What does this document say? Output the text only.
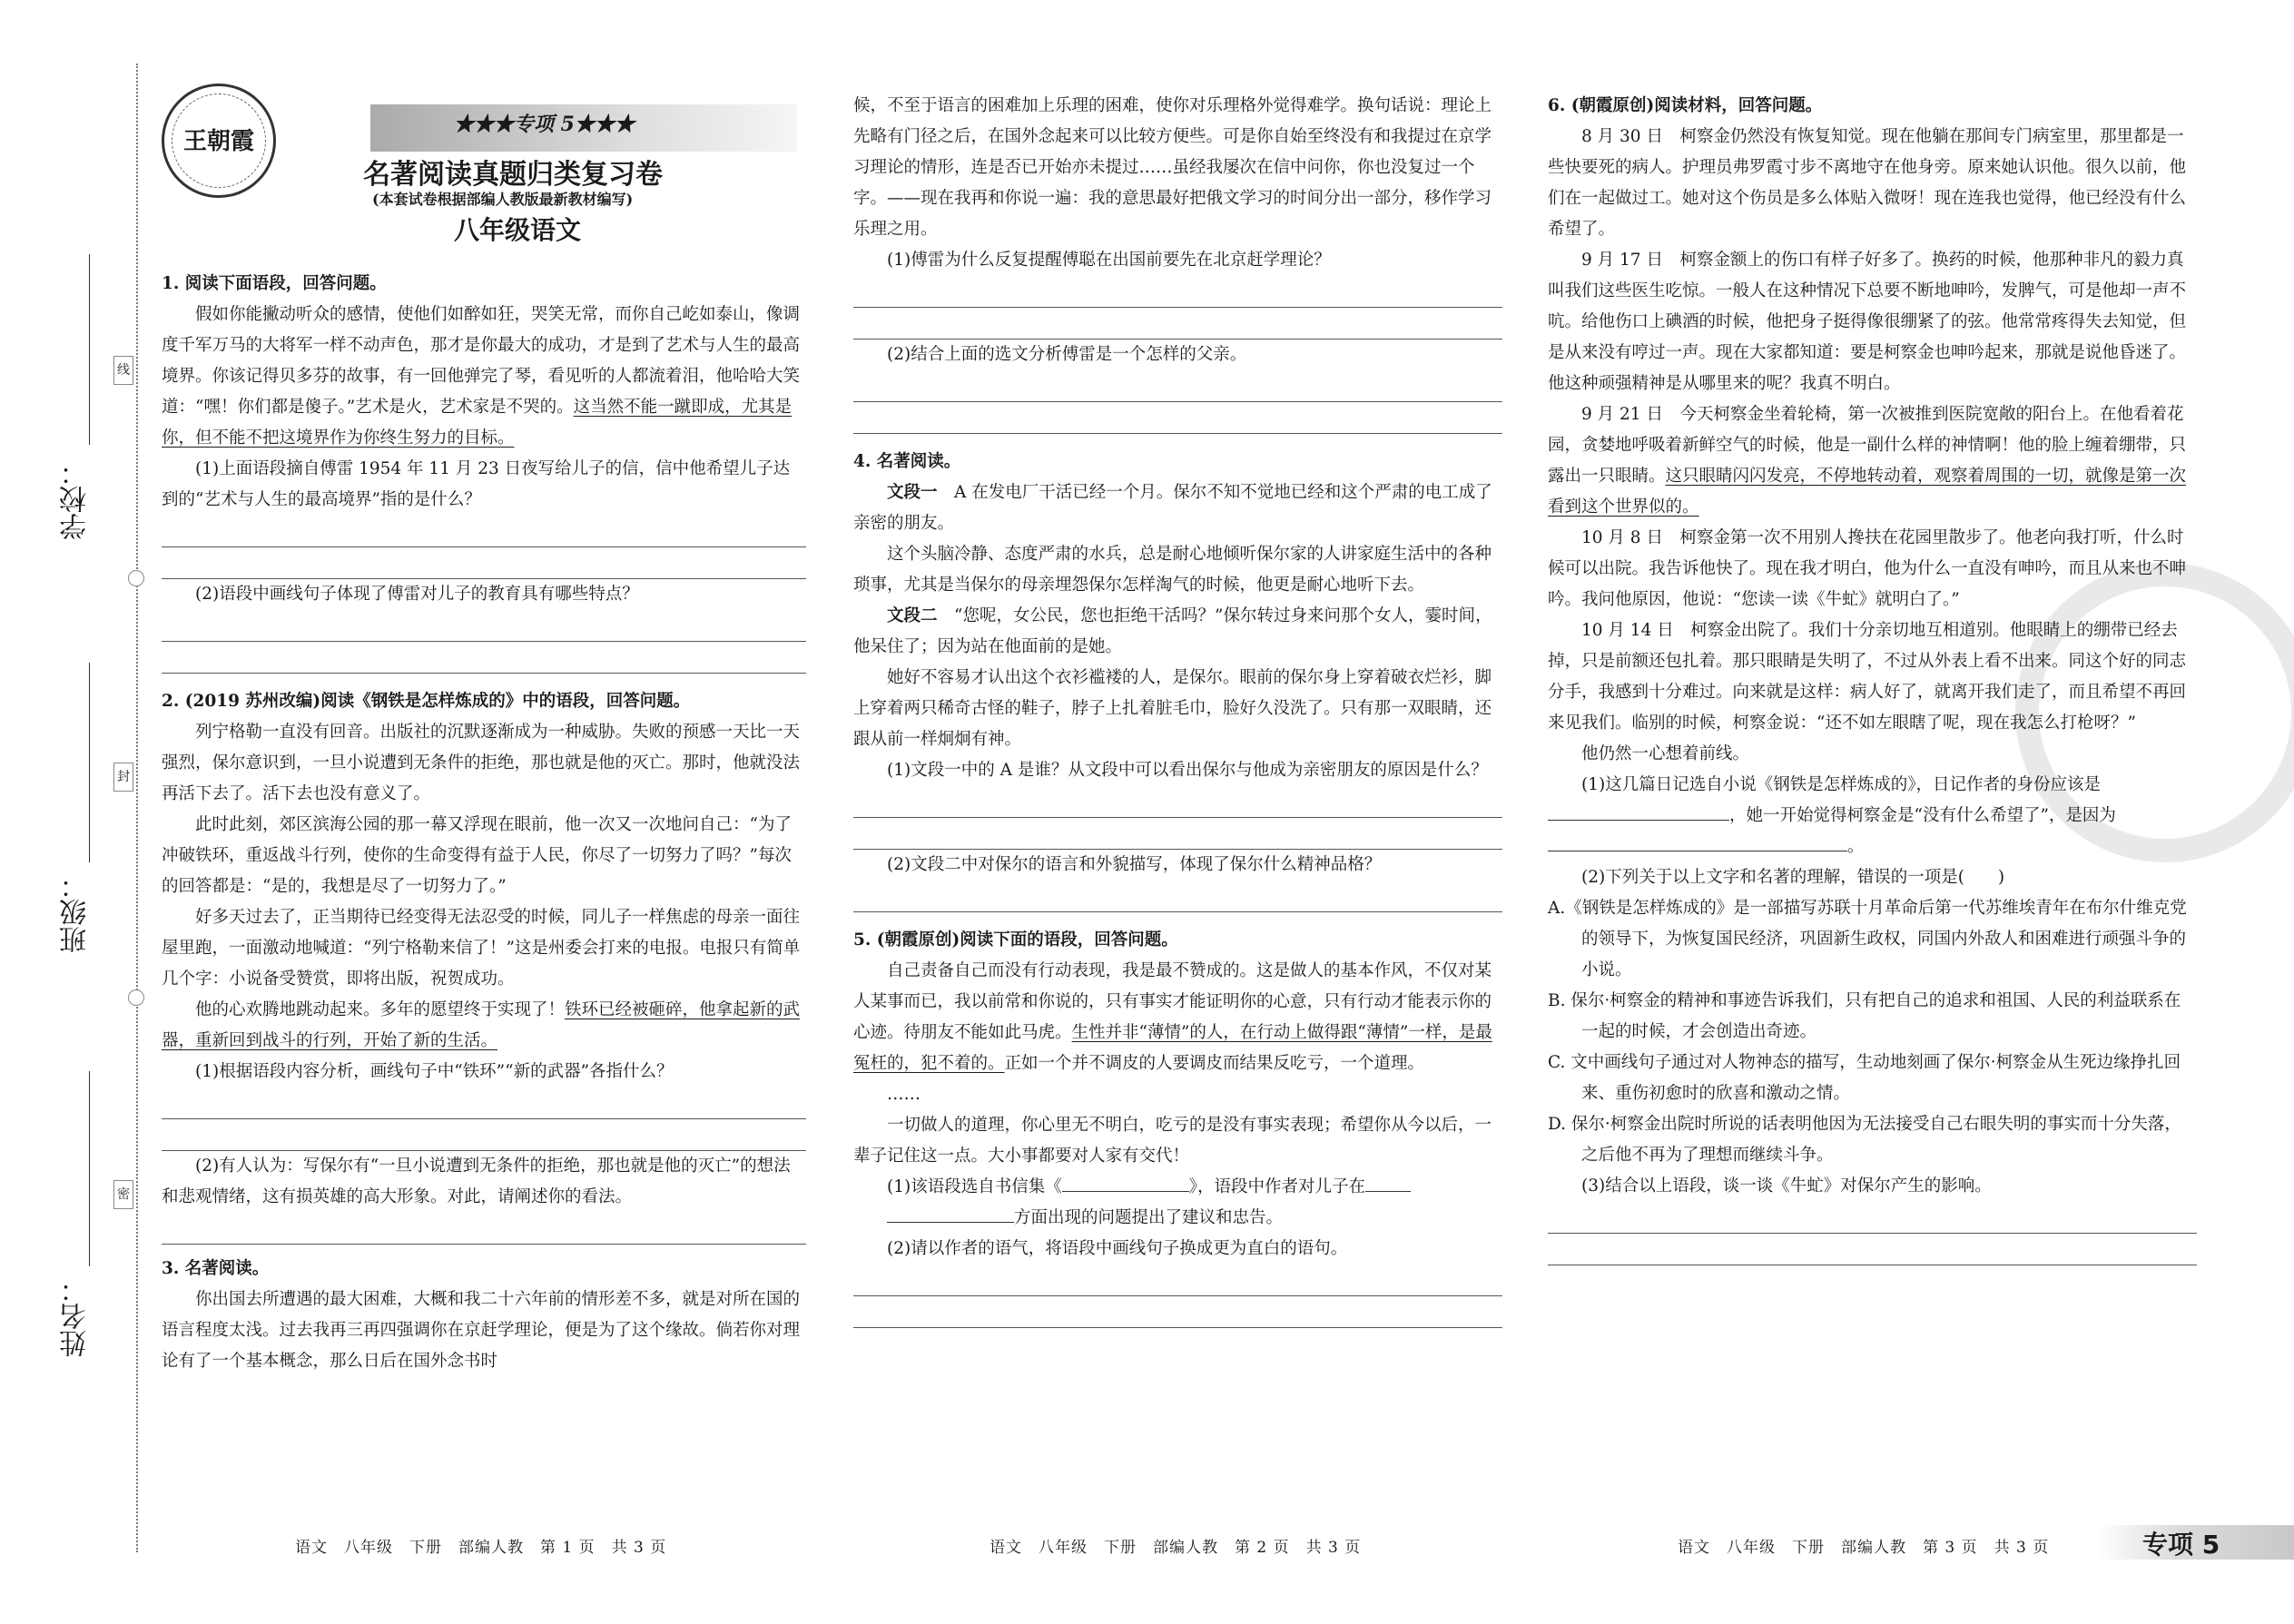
线
封
密
学校：
班级：
姓名：
王朝霞
★★★专项 5★★★
名著阅读真题归类复习卷
(本套试卷根据部编人教版最新教材编写)
八年级语文

1. 阅读下面语段，回答问题。

假如你能撇动听众的感情，使他们如醉如狂，哭笑无常，而你自己屹如泰山，像调度千军万马的大将军一样不动声色，那才是你最大的成功，才是到了艺术与人生的最高境界。你该记得贝多芬的故事，有一回他弹完了琴，看见听的人都流着泪，他哈哈大笑道：“嘿！你们都是傻子。”艺术是火，艺术家是不哭的。这当然不能一蹴即成，尤其是你，但不能不把这境界作为你终生努力的目标。

(1)上面语段摘自傅雷 1954 年 11 月 23 日夜写给儿子的信，信中他希望儿子达到的“艺术与人生的最高境界”指的是什么？

(2)语段中画线句子体现了傅雷对儿子的教育具有哪些特点？

2. (2019 苏州改编)阅读《钢铁是怎样炼成的》中的语段，回答问题。

列宁格勒一直没有回音。出版社的沉默逐渐成为一种威胁。失败的预感一天比一天强烈，保尔意识到，一旦小说遭到无条件的拒绝，那也就是他的灭亡。那时，他就没法再活下去了。活下去也没有意义了。

此时此刻，郊区滨海公园的那一幕又浮现在眼前，他一次又一次地问自己：“为了冲破铁环，重返战斗行列，使你的生命变得有益于人民，你尽了一切努力了吗？”每次的回答都是：“是的，我想是尽了一切努力了。”

好多天过去了，正当期待已经变得无法忍受的时候，同儿子一样焦虑的母亲一面往屋里跑，一面激动地喊道：“列宁格勒来信了！”这是州委会打来的电报。电报只有简单几个字：小说备受赞赏，即将出版，祝贺成功。

他的心欢腾地跳动起来。多年的愿望终于实现了！铁环已经被砸碎，他拿起新的武器，重新回到战斗的行列，开始了新的生活。

(1)根据语段内容分析，画线句子中“铁环”“新的武器”各指什么？

(2)有人认为：写保尔有“一旦小说遭到无条件的拒绝，那也就是他的灭亡”的想法和悲观情绪，这有损英雄的高大形象。对此，请阐述你的看法。

3. 名著阅读。

你出国去所遭遇的最大困难，大概和我二十六年前的情形差不多，就是对所在国的语言程度太浅。过去我再三再四强调你在京赶学理论，便是为了这个缘故。倘若你对理论有了一个基本概念，那么日后在国外念书时

语文　八年级　下册　部编人教　第 1 页　共 3 页

候，不至于语言的困难加上乐理的困难，使你对乐理格外觉得难学。换句话说：理论上先略有门径之后，在国外念起来可以比较方便些。可是你自始至终没有和我提过在京学习理论的情形，连是否已开始亦未提过……虽经我屡次在信中问你，你也没复过一个字。——现在我再和你说一遍：我的意思最好把俄文学习的时间分出一部分，移作学习乐理之用。

(1)傅雷为什么反复提醒傅聪在出国前要先在北京赶学理论？

(2)结合上面的选文分析傅雷是一个怎样的父亲。

4. 名著阅读。

文段一　 A 在发电厂干活已经一个月。保尔不知不觉地已经和这个严肃的电工成了亲密的朋友。

这个头脑冷静、态度严肃的水兵，总是耐心地倾听保尔家的人讲家庭生活中的各种琐事，尤其是当保尔的母亲埋怨保尔怎样淘气的时候，他更是耐心地听下去。

文段二　 “您呢，女公民，您也拒绝干活吗？”保尔转过身来问那个女人，霎时间，他呆住了；因为站在他面前的是她。

她好不容易才认出这个衣衫褴褛的人，是保尔。眼前的保尔身上穿着破衣烂衫，脚上穿着两只稀奇古怪的鞋子，脖子上扎着脏毛巾，脸好久没洗了。只有那一双眼睛，还跟从前一样炯炯有神。

(1)文段一中的 A 是谁？从文段中可以看出保尔与他成为亲密朋友的原因是什么？

(2)文段二中对保尔的语言和外貌描写，体现了保尔什么精神品格？

5. (朝霞原创)阅读下面的语段，回答问题。

自己责备自己而没有行动表现，我是最不赞成的。这是做人的基本作风，不仅对某人某事而已，我以前常和你说的，只有事实才能证明你的心意，只有行动才能表示你的心迹。待朋友不能如此马虎。生性并非“薄情”的人，在行动上做得跟“薄情”一样，是最冤枉的，犯不着的。正如一个并不调皮的人要调皮而结果反吃亏，一个道理。

……

一切做人的道理，你心里无不明白，吃亏的是没有事实表现；希望你从今以后，一辈子记住这一点。大小事都要对人家有交代！

(1)该语段选自书信集《	》，语段中作者对儿子在

方面出现的问题提出了建议和忠告。

(2)请以作者的语气，将语段中画线句子换成更为直白的语句。

语文　八年级　下册　部编人教　第 2 页　共 3 页

6. (朝霞原创)阅读材料，回答问题。

8 月 30 日　柯察金仍然没有恢复知觉。现在他躺在那间专门病室里，那里都是一些快要死的病人。护理员弗罗霞寸步不离地守在他身旁。原来她认识他。很久以前，他们在一起做过工。她对这个伤员是多么体贴入微呀！现在连我也觉得，他已经没有什么希望了。

9 月 17 日　柯察金额上的伤口有样子好多了。换药的时候，他那种非凡的毅力真叫我们这些医生吃惊。一般人在这种情况下总要不断地呻吟，发脾气，可是他却一声不吭。给他伤口上碘酒的时候，他把身子挺得像很绷紧了的弦。他常常疼得失去知觉，但是从来没有哼过一声。现在大家都知道：要是柯察金也呻吟起来，那就是说他昏迷了。他这种顽强精神是从哪里来的呢？我真不明白。

9 月 21 日　今天柯察金坐着轮椅，第一次被推到医院宽敞的阳台上。在他看着花园，贪婪地呼吸着新鲜空气的时候，他是一副什么样的神情啊！他的脸上缠着绷带，只露出一只眼睛。这只眼睛闪闪发亮，不停地转动着，观察着周围的一切，就像是第一次看到这个世界似的。

10 月 8 日　柯察金第一次不用别人搀扶在花园里散步了。他老向我打听，什么时候可以出院。我告诉他快了。现在我才明白，他为什么一直没有呻吟，而且从来也不呻吟。我问他原因，他说：“您读一读《牛虻》就明白了。”

10 月 14 日　柯察金出院了。我们十分亲切地互相道别。他眼睛上的绷带已经去掉，只是前额还包扎着。那只眼睛是失明了，不过从外表上看不出来。同这个好的同志分手，我感到十分难过。向来就是这样：病人好了，就离开我们走了，而且希望不再回来见我们。临别的时候，柯察金说：“还不如左眼瞎了呢，现在我怎么打枪呀？”

他仍然一心想着前线。

(1)这几篇日记选自小说《钢铁是怎样炼成的》，日记作者的身份应该是，她一开始觉得柯察金是“没有什么希望了”，是因为。

(2)下列关于以上文字和名著的理解，错误的一项是(　　)

A.《钢铁是怎样炼成的》是一部描写苏联十月革命后第一代苏维埃青年在布尔什维克党的领导下，为恢复国民经济，巩固新生政权，同国内外敌人和困难进行顽强斗争的小说。

B. 保尔·柯察金的精神和事迹告诉我们，只有把自己的追求和祖国、人民的利益联系在一起的时候，才会创造出奇迹。

C. 文中画线句子通过对人物神态的描写，生动地刻画了保尔·柯察金从生死边缘挣扎回来、重伤初愈时的欣喜和激动之情。

D. 保尔·柯察金出院时所说的话表明他因为无法接受自己右眼失明的事实而十分失落，之后他不再为了理想而继续斗争。

(3)结合以上语段，谈一谈《牛虻》对保尔产生的影响。

语文　八年级　下册　部编人教　第 3 页　共 3 页	专项 5
